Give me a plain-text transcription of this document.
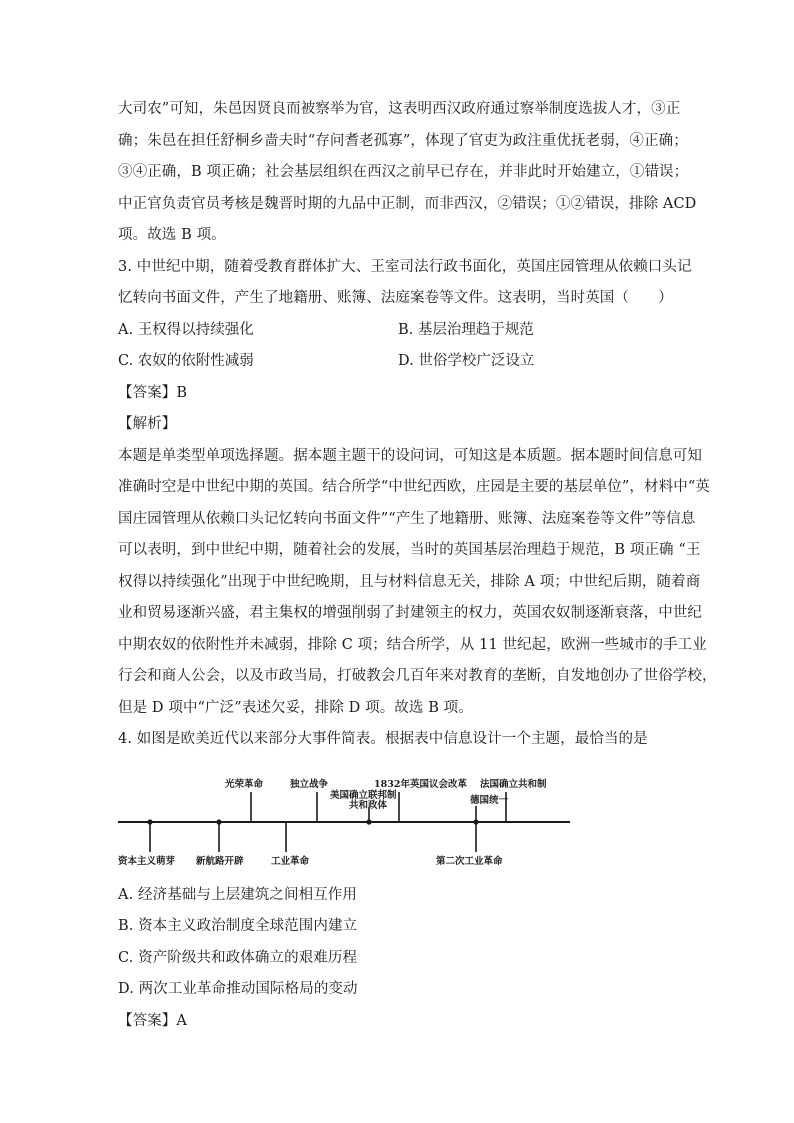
大司农”可知，朱邑因贤良而被察举为官，这表明西汉政府通过察举制度选拔人才，③正

确；朱邑在担任舒桐乡啬夫时“存问耆老孤寡”，体现了官吏为政注重优抚老弱，④正确；

③④正确，B 项正确；社会基层组织在西汉之前早已存在，并非此时开始建立，①错误；

中正官负责官员考核是魏晋时期的九品中正制，而非西汉，②错误；①②错误，排除 ACD

项。故选 B 项。

3. 中世纪中期，随着受教育群体扩大、王室司法行政书面化，英国庄园管理从依赖口头记

忆转向书面文件，产生了地籍册、账簿、法庭案卷等文件。这表明，当时英国（　　）

A. 王权得以持续强化	B. 基层治理趋于规范
C. 农奴的依附性减弱	D. 世俗学校广泛设立

【答案】B

【解析】

本题是单类型单项选择题。据本题主题干的设问词，可知这是本质题。据本题时间信息可知

准确时空是中世纪中期的英国。结合所学“中世纪西欧，庄园是主要的基层单位”，材料中“英

国庄园管理从依赖口头记忆转向书面文件”“产生了地籍册、账簿、法庭案卷等文件”等信息

可以表明，到中世纪中期，随着社会的发展，当时的英国基层治理趋于规范，B 项正确 “王

权得以持续强化”出现于中世纪晚期，且与材料信息无关，排除 A 项；中世纪后期，随着商

业和贸易逐渐兴盛，君主集权的增强削弱了封建领主的权力，英国农奴制逐渐衰落，中世纪

中期农奴的依附性并未减弱，排除 C 项；结合所学，从 11 世纪起，欧洲一些城市的手工业

行会和商人公会，以及市政当局，打破教会几百年来对教育的垄断，自发地创办了世俗学校，

但是 D 项中“广泛”表述欠妥，排除 D 项。故选 B 项。

4. 如图是欧美近代以来部分大事件简表。根据表中信息设计一个主题，最恰当的是

光荣革命	独立战争
美国确立联邦制
共和政体
1832年英国议会改革 法国确立共和制
德国统一
资本主义萌芽 新航路开辟	工业革命	第二次工业革命

A. 经济基础与上层建筑之间相互作用

B. 资本主义政治制度全球范围内建立

C. 资产阶级共和政体确立的艰难历程

D. 两次工业革命推动国际格局的变动

【答案】A
